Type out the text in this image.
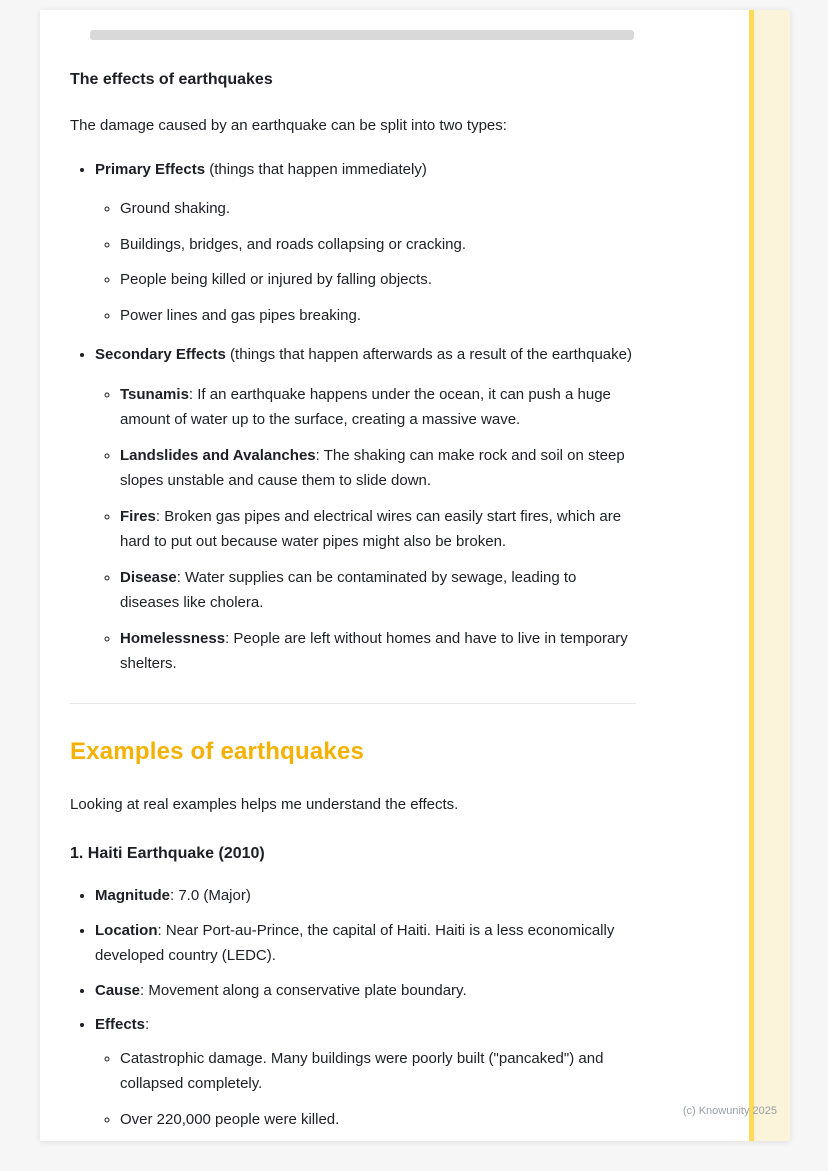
The effects of earthquakes

The damage caused by an earthquake can be split into two types:

• Primary Effects (things that happen immediately)
◦ Ground shaking.
◦ Buildings, bridges, and roads collapsing or cracking.
◦ People being killed or injured by falling objects.
◦ Power lines and gas pipes breaking.
• Secondary Effects (things that happen afterwards as a result of the earthquake)
◦ Tsunamis: If an earthquake happens under the ocean, it can push a huge amount of water up to the surface, creating a massive wave.
◦ Landslides and Avalanches: The shaking can make rock and soil on steep slopes unstable and cause them to slide down.
◦ Fires: Broken gas pipes and electrical wires can easily start fires, which are hard to put out because water pipes might also be broken.
◦ Disease: Water supplies can be contaminated by sewage, leading to diseases like cholera.
◦ Homelessness: People are left without homes and have to live in temporary shelters.
Examples of earthquakes

Looking at real examples helps me understand the effects.

1. Haiti Earthquake (2010)
• Magnitude: 7.0 (Major)
• Location: Near Port-au-Prince, the capital of Haiti. Haiti is a less economically developed country (LEDC).
• Cause: Movement along a conservative plate boundary.
• Effects:
◦ Catastrophic damage. Many buildings were poorly built ("pancaked") and collapsed completely.
◦ Over 220,000 people were killed.	(c) Knowunity 2025
